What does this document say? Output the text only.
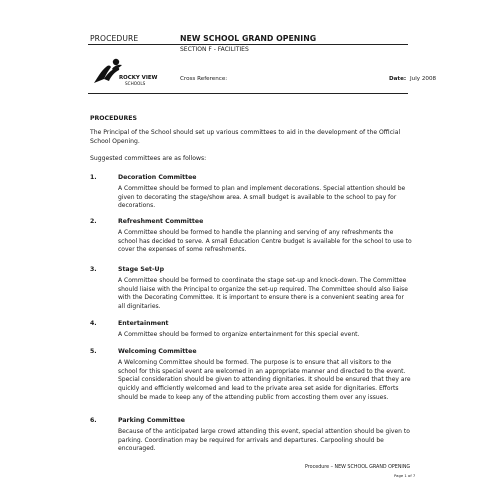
PROCEDURE	NEW SCHOOL GRAND OPENING
SECTION F - FACILITIES
ROCKY VIEW
SCHOOLS
Cross Reference:	Date: July 2008
PROCEDURES
The Principal of the School should set up various committees to aid in the development of the Official School Opening.
Suggested committees are as follows:
1.	Decoration Committee
A Committee should be formed to plan and implement decorations. Special attention should be given to decorating the stage/show area. A small budget is available to the school to pay for decorations.
2.	Refreshment Committee
A Committee should be formed to handle the planning and serving of any refreshments the school has decided to serve. A small Education Centre budget is available for the school to use to cover the expenses of some refreshments.
3.	Stage Set-Up
A Committee should be formed to coordinate the stage set-up and knock-down. The Committee should liaise with the Principal to organize the set-up required. The Committee should also liaise with the Decorating Committee. It is important to ensure there is a convenient seating area for all dignitaries.
4.	Entertainment
A Committee should be formed to organize entertainment for this special event.
5.	Welcoming Committee
A Welcoming Committee should be formed. The purpose is to ensure that all visitors to the school for this special event are welcomed in an appropriate manner and directed to the event. Special consideration should be given to attending dignitaries. It should be ensured that they are quickly and efficiently welcomed and lead to the private area set aside for dignitaries. Efforts should be made to keep any of the attending public from accosting them over any issues.
6.	Parking Committee
Because of the anticipated large crowd attending this event, special attention should be given to parking. Coordination may be required for arrivals and departures. Carpooling should be encouraged.
Procedure – NEW SCHOOL GRAND OPENING
Page 1 of 7
